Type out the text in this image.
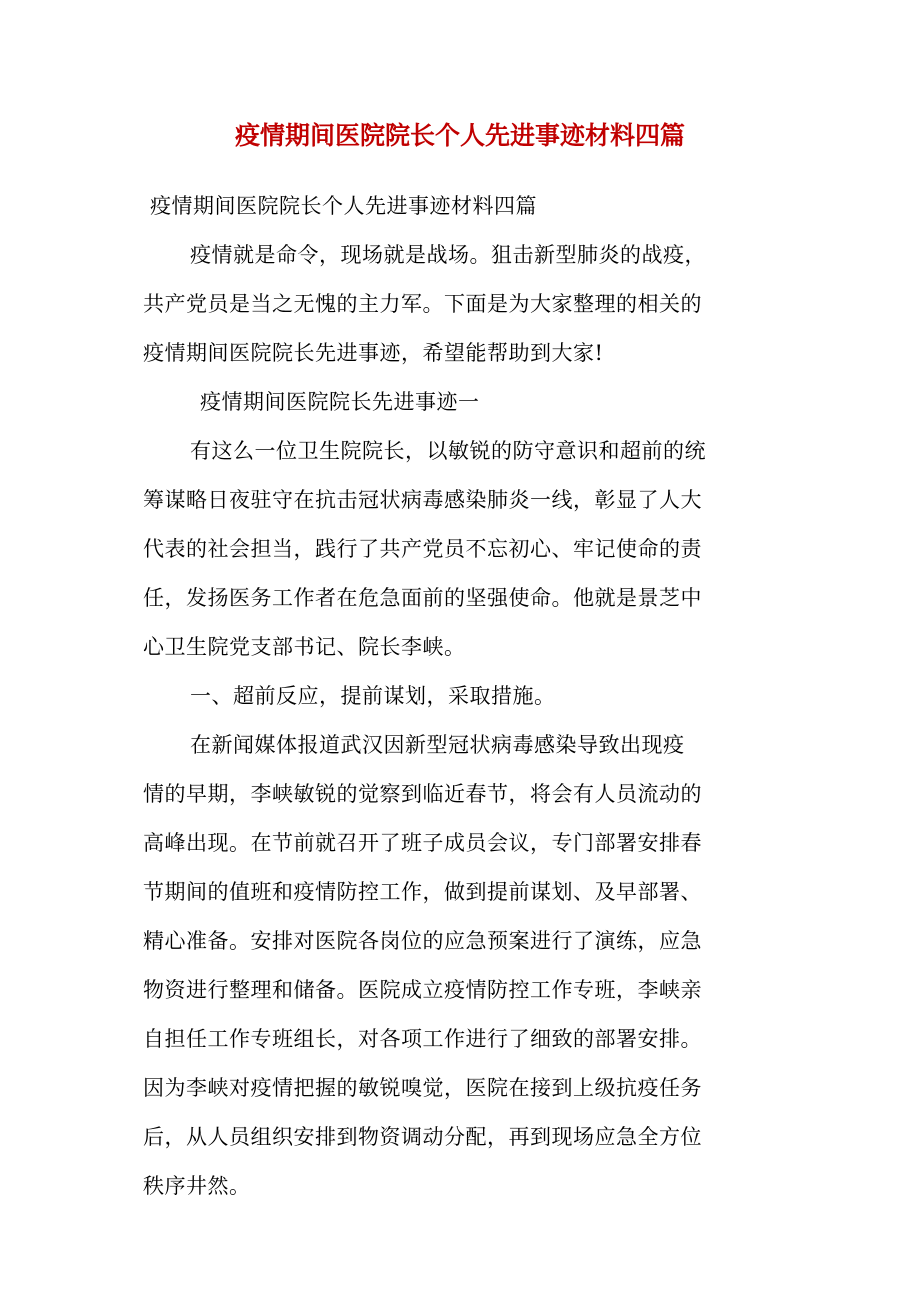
疫情期间医院院长个人先进事迹材料四篇
疫情期间医院院长个人先进事迹材料四篇
疫情就是命令，现场就是战场。狙击新型肺炎的战疫，
共产党员是当之无愧的主力军。下面是为大家整理的相关的
疫情期间医院院长先进事迹，希望能帮助到大家!
疫情期间医院院长先进事迹一
有这么一位卫生院院长，以敏锐的防守意识和超前的统
筹谋略日夜驻守在抗击冠状病毒感染肺炎一线，彰显了人大
代表的社会担当，践行了共产党员不忘初心、牢记使命的责
任，发扬医务工作者在危急面前的坚强使命。他就是景芝中
心卫生院党支部书记、院长李峡。
一、超前反应，提前谋划，采取措施。
在新闻媒体报道武汉因新型冠状病毒感染导致出现疫
情的早期，李峡敏锐的觉察到临近春节，将会有人员流动的
高峰出现。在节前就召开了班子成员会议，专门部署安排春
节期间的值班和疫情防控工作，做到提前谋划、及早部署、
精心准备。安排对医院各岗位的应急预案进行了演练，应急
物资进行整理和储备。医院成立疫情防控工作专班，李峡亲
自担任工作专班组长，对各项工作进行了细致的部署安排。
因为李峡对疫情把握的敏锐嗅觉，医院在接到上级抗疫任务
后，从人员组织安排到物资调动分配，再到现场应急全方位
秩序井然。
